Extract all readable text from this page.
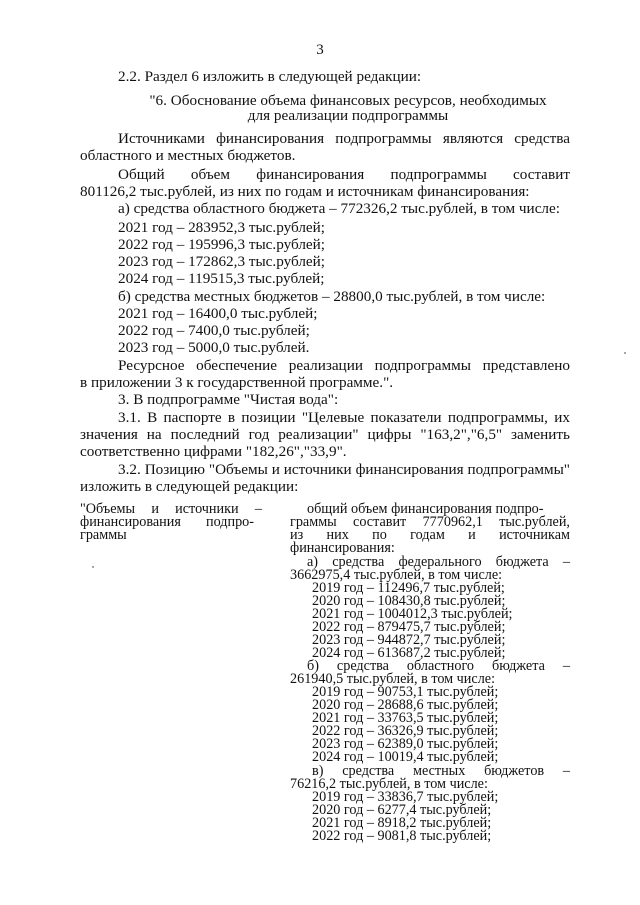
3
2.2. Раздел 6 изложить в следующей редакции:
"6. Обоснование объема финансовых ресурсов, необходимых
для реализации подпрограммы
Источниками финансирования подпрограммы являются средства
областного и местных бюджетов.
Общий объем финансирования подпрограммы составит
801126,2 тыс.рублей, из них по годам и источникам финансирования:
а) средства областного бюджета – 772326,2 тыс.рублей, в том числе:
2021 год – 283952,3 тыс.рублей;
2022 год – 195996,3 тыс.рублей;
2023 год – 172862,3 тыс.рублей;
2024 год – 119515,3 тыс.рублей;
б) средства местных бюджетов – 28800,0 тыс.рублей, в том числе:
2021 год – 16400,0 тыс.рублей;
2022 год – 7400,0 тыс.рублей;
2023 год – 5000,0 тыс.рублей.
Ресурсное обеспечение реализации подпрограммы представлено
в приложении 3 к государственной программе.".
3. В подпрограмме "Чистая вода":
3.1. В паспорте в позиции "Целевые показатели подпрограммы, их
значения на последний год реализации" цифры "163,2","6,5" заменить
соответственно цифрами "182,26","33,9".
3.2. Позицию "Объемы и источники финансирования подпрограммы"
изложить в следующей редакции:
"Объемы и источники –
финансирования подпро-
граммы
общий объем финансирования подпро-
граммы составит 7770962,1 тыс.рублей,
из них по годам и источникам
финансирования:
а) средства федерального бюджета –
3662975,4 тыс.рублей, в том числе:
2019 год – 112496,7 тыс.рублей;
2020 год – 108430,8 тыс.рублей;
2021 год – 1004012,3 тыс.рублей;
2022 год – 879475,7 тыс.рублей;
2023 год – 944872,7 тыс.рублей;
2024 год – 613687,2 тыс.рублей;
б) средства областного бюджета –
261940,5 тыс.рублей, в том числе:
2019 год – 90753,1 тыс.рублей;
2020 год – 28688,6 тыс.рублей;
2021 год – 33763,5 тыс.рублей;
2022 год – 36326,9 тыс.рублей;
2023 год – 62389,0 тыс.рублей;
2024 год – 10019,4 тыс.рублей;
в) средства местных бюджетов –
76216,2 тыс.рублей, в том числе:
2019 год – 33836,7 тыс.рублей;
2020 год – 6277,4 тыс.рублей;
2021 год – 8918,2 тыс.рублей;
2022 год – 9081,8 тыс.рублей;
